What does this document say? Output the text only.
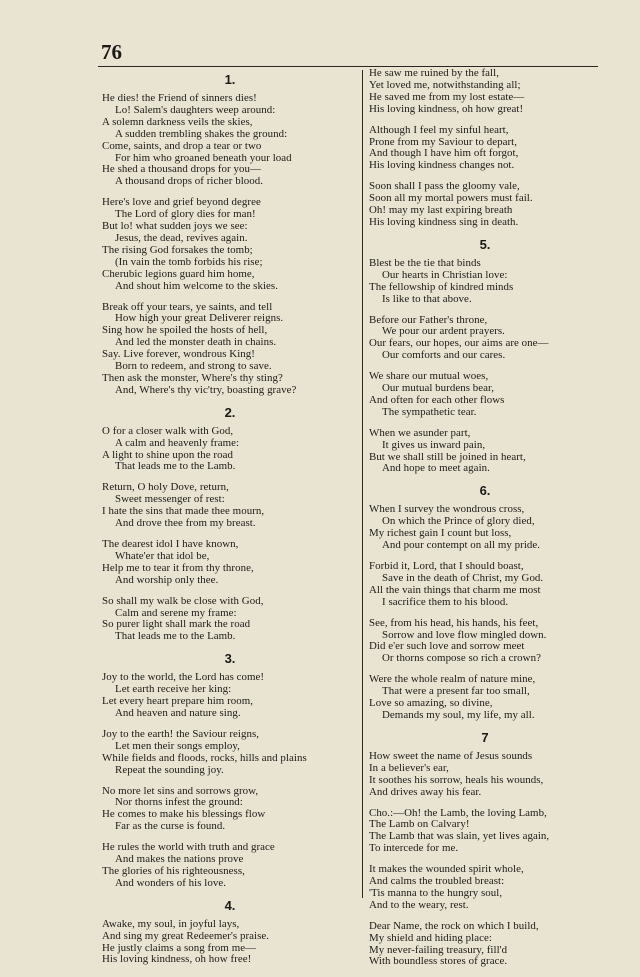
76
1.
He dies! the Friend of sinners dies!
Lo! Salem's daughters weep around:
A solemn darkness veils the skies,
A sudden trembling shakes the ground:
Come, saints, and drop a tear or two
For him who groaned beneath your load
He shed a thousand drops for you—
A thousand drops of richer blood.
Here's love and grief beyond degree
The Lord of glory dies for man!
But lo! what sudden joys we see:
Jesus, the dead, revives again.
The rising God forsakes the tomb;
(In vain the tomb forbids his rise;
Cherubic legions guard him home,
And shout him welcome to the skies.
Break off your tears, ye saints, and tell
How high your great Deliverer reigns.
Sing how he spoiled the hosts of hell,
And led the monster death in chains.
Say. Live forever, wondrous King!
Born to redeem, and strong to save.
Then ask the monster, Where's thy sting?
And, Where's thy vic'try, boasting grave?
2.
O for a closer walk with God,
A calm and heavenly frame:
A light to shine upon the road
That leads me to the Lamb.
Return, O holy Dove, return,
Sweet messenger of rest:
I hate the sins that made thee mourn,
And drove thee from my breast.
The dearest idol I have known,
Whate'er that idol be,
Help me to tear it from thy throne,
And worship only thee.
So shall my walk be close with God,
Calm and serene my frame:
So purer light shall mark the road
That leads me to the Lamb.
3.
Joy to the world, the Lord has come!
Let earth receive her king:
Let every heart prepare him room,
And heaven and nature sing.
Joy to the earth! the Saviour reigns,
Let men their songs employ,
While fields and floods, rocks, hills and plains
Repeat the sounding joy.
No more let sins and sorrows grow,
Nor thorns infest the ground:
He comes to make his blessings flow
Far as the curse is found.
He rules the world with truth and grace
And makes the nations prove
The glories of his righteousness,
And wonders of his love.
4.
Awake, my soul, in joyful lays,
And sing my great Redeemer's praise.
He justly claims a song from me—
His loving kindness, oh how free!
He saw me ruined by the fall,
Yet loved me, notwithstanding all;
He saved me from my lost estate—
His loving kindness, oh how great!
Although I feel my sinful heart,
Prone from my Saviour to depart,
And though I have him oft forgot,
His loving kindness changes not.
Soon shall I pass the gloomy vale,
Soon all my mortal powers must fail.
Oh! may my last expiring breath
His loving kindness sing in death.
5.
Blest be the tie that binds
Our hearts in Christian love:
The fellowship of kindred minds
Is like to that above.
Before our Father's throne,
We pour our ardent prayers.
Our fears, our hopes, our aims are one—
Our comforts and our cares.
We share our mutual woes,
Our mutual burdens bear,
And often for each other flows
The sympathetic tear.
When we asunder part,
It gives us inward pain,
But we shall still be joined in heart,
And hope to meet again.
6.
When I survey the wondrous cross,
On which the Prince of glory died,
My richest gain I count but loss,
And pour contempt on all my pride.
Forbid it, Lord, that I should boast,
Save in the death of Christ, my God.
All the vain things that charm me most
I sacrifice them to his blood.
See, from his head, his hands, his feet,
Sorrow and love flow mingled down.
Did e'er such love and sorrow meet
Or thorns compose so rich a crown?
Were the whole realm of nature mine,
That were a present far too small,
Love so amazing, so divine,
Demands my soul, my life, my all.
7
How sweet the name of Jesus sounds
In a believer's ear,
It soothes his sorrow, heals his wounds,
And drives away his fear.
Cho.:—Oh! the Lamb, the loving Lamb,
The Lamb on Calvary!
The Lamb that was slain, yet lives again,
To intercede for me.
It makes the wounded spirit whole,
And calms the troubled breast:
'Tis manna to the hungry soul,
And to the weary, rest.
Dear Name, the rock on which I build,
My shield and hiding place:
My never-failing treasury, fill'd
With boundless stores of grace.
